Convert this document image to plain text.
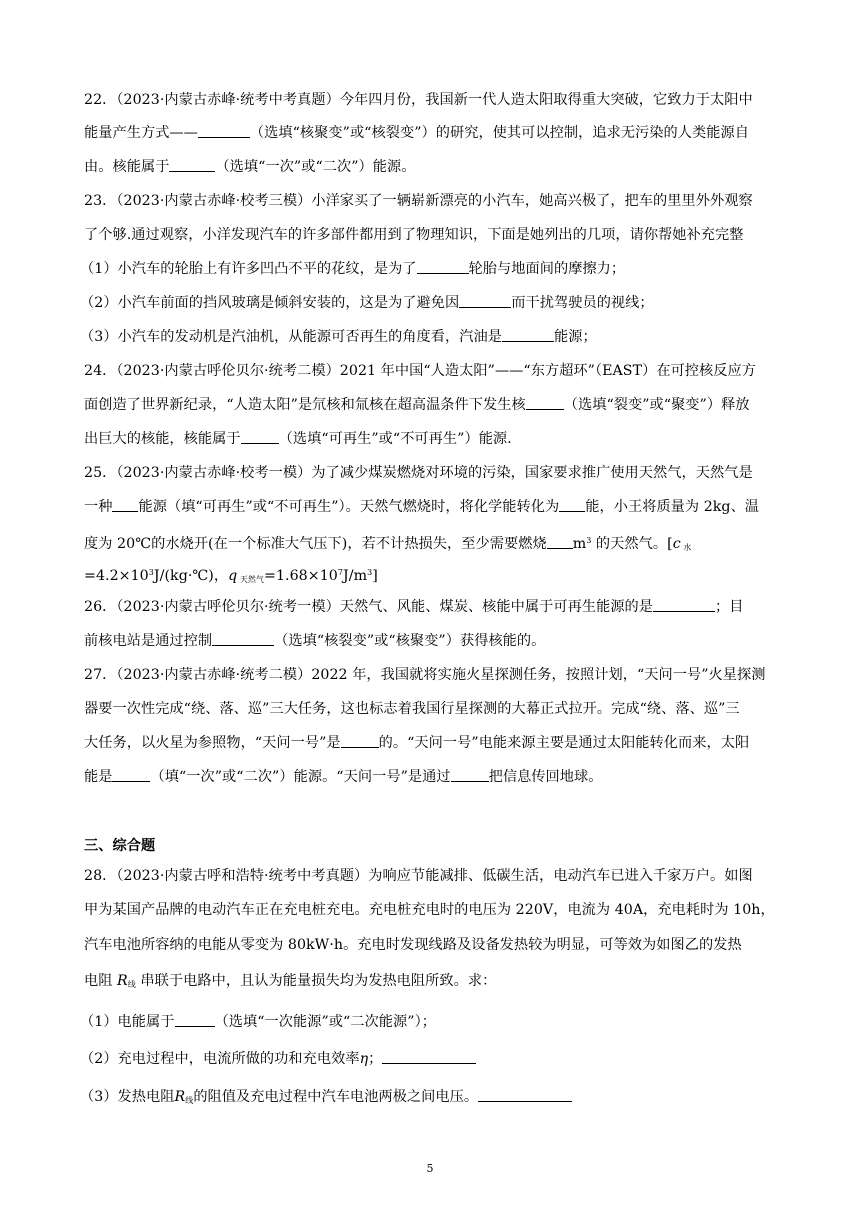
22．（2023·内蒙古赤峰·统考中考真题）今年四月份，我国新一代人造太阳取得重大突破，它致力于太阳中
能量产生方式——	（选填“核聚变”或“核裂变”）的研究，使其可以控制，追求无污染的人类能源自
由。核能属于	（选填“一次”或“二次”）能源。
23．（2023·内蒙古赤峰·校考三模）小洋家买了一辆崭新漂亮的小汽车，她高兴极了，把车的里里外外观察
了个够.通过观察，小洋发现汽车的许多部件都用到了物理知识，下面是她列出的几项，请你帮她补充完整
（1）小汽车的轮胎上有许多凹凸不平的花纹，是为了	轮胎与地面间的摩擦力；
（2）小汽车前面的挡风玻璃是倾斜安装的，这是为了避免因	而干扰驾驶员的视线；
（3）小汽车的发动机是汽油机，从能源可否再生的角度看，汽油是	能源；
24．（2023·内蒙古呼伦贝尔·统考二模）2021 年中国“人造太阳”——“东方超环”（EAST）在可控核反应方
面创造了世界新纪录，“人造太阳”是氘核和氚核在超高温条件下发生核	（选填“裂变”或“聚变”）释放
出巨大的核能，核能属于	（选填“可再生”或“不可再生”）能源.
25．（2023·内蒙古赤峰·校考一模）为了减少煤炭燃烧对环境的污染，国家要求推广使用天然气，天然气是
一种 能源（填“可再生”或“不可再生”）。天然气燃烧时，将化学能转化为 能，小王将质量为 2kg、温
度为 20℃的水烧开(在一个标准大气压下)，若不计热损失，至少需要燃烧 $m^3$ 的天然气。[c $_水$
$=4.2\times 10^3J/(kg\cdot℃)$，q $_{天然气}=1.68\times 10^7J/m^3$]
26．（2023·内蒙古呼伦贝尔·统考一模）天然气、风能、煤炭、核能中属于可再生能源的是	；目
前核电站是通过控制	（选填“核裂变”或“核聚变”）获得核能的。
27．（2023·内蒙古赤峰·统考二模）2022 年，我国就将实施火星探测任务，按照计划，“天问一号”火星探测
器要一次性完成“绕、落、巡”三大任务，这也标志着我国行星探测的大幕正式拉开。完成“绕、落、巡”三
大任务，以火星为参照物，“天问一号”是	的。“天问一号”电能来源主要是通过太阳能转化而来，太阳
能是	（填“一次”或“二次”）能源。“天问一号”是通过	把信息传回地球。
三、综合题
28．（2023·内蒙古呼和浩特·统考中考真题）为响应节能减排、低碳生活，电动汽车已进入千家万户。如图
甲为某国产品牌的电动汽车正在充电桩充电。充电桩充电时的电压为 220V，电流为 40A，充电耗时为 10h，
汽车电池所容纳的电能从零变为 80kW·h。充电时发现线路及设备发热较为明显，可等效为如图乙的发热
电阻 $R_线$ 串联于电路中，且认为能量损失均为发热电阻所致。求：
（1）电能属于	（选填“一次能源”或“二次能源”）；
（2）充电过程中，电流所做的功和充电效率η；
（3）发热电阻$R_线$的阻值及充电过程中汽车电池两极之间电压。
5
